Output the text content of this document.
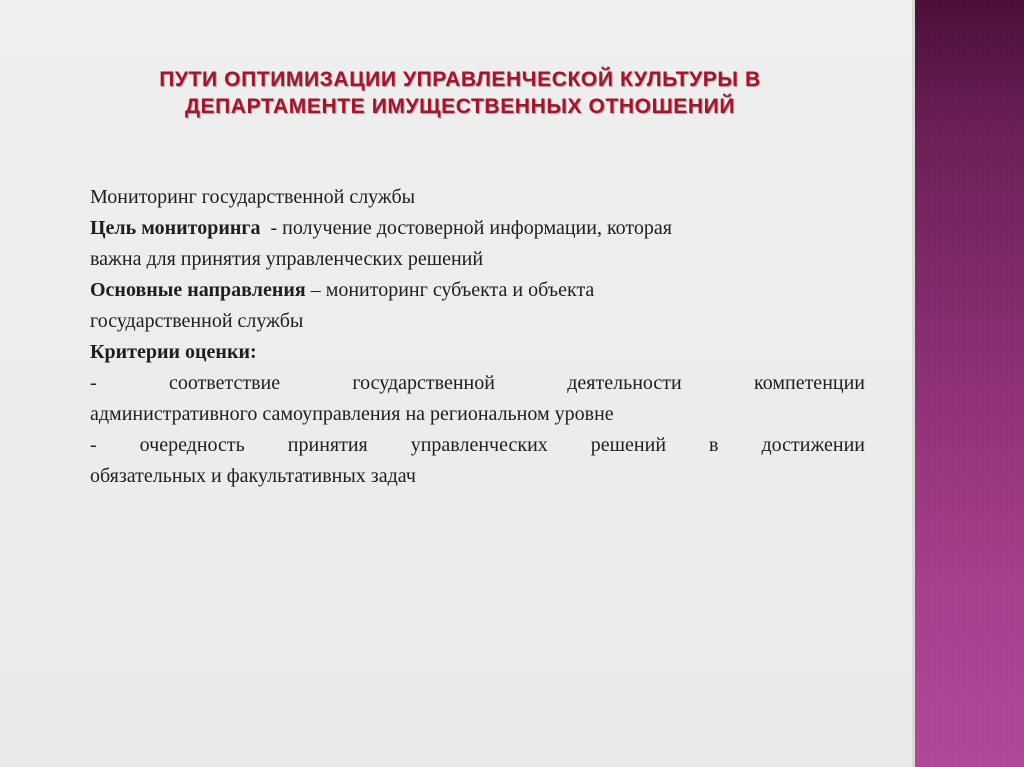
ПУТИ ОПТИМИЗАЦИИ УПРАВЛЕНЧЕСКОЙ КУЛЬТУРЫ В
ДЕПАРТАМЕНТЕ ИМУЩЕСТВЕННЫХ ОТНОШЕНИЙ
Мониторинг государственной службы
Цель мониторинга  - получение достоверной информации, которая
важна для принятия управленческих решений
Основные направления – мониторинг субъекта и объекта
государственной службы
Критерии оценки:
- соответствие государственной деятельности компетенции
административного самоуправления на региональном уровне
- очередность принятия управленческих решений в достижении
обязательных и факультативных задач
